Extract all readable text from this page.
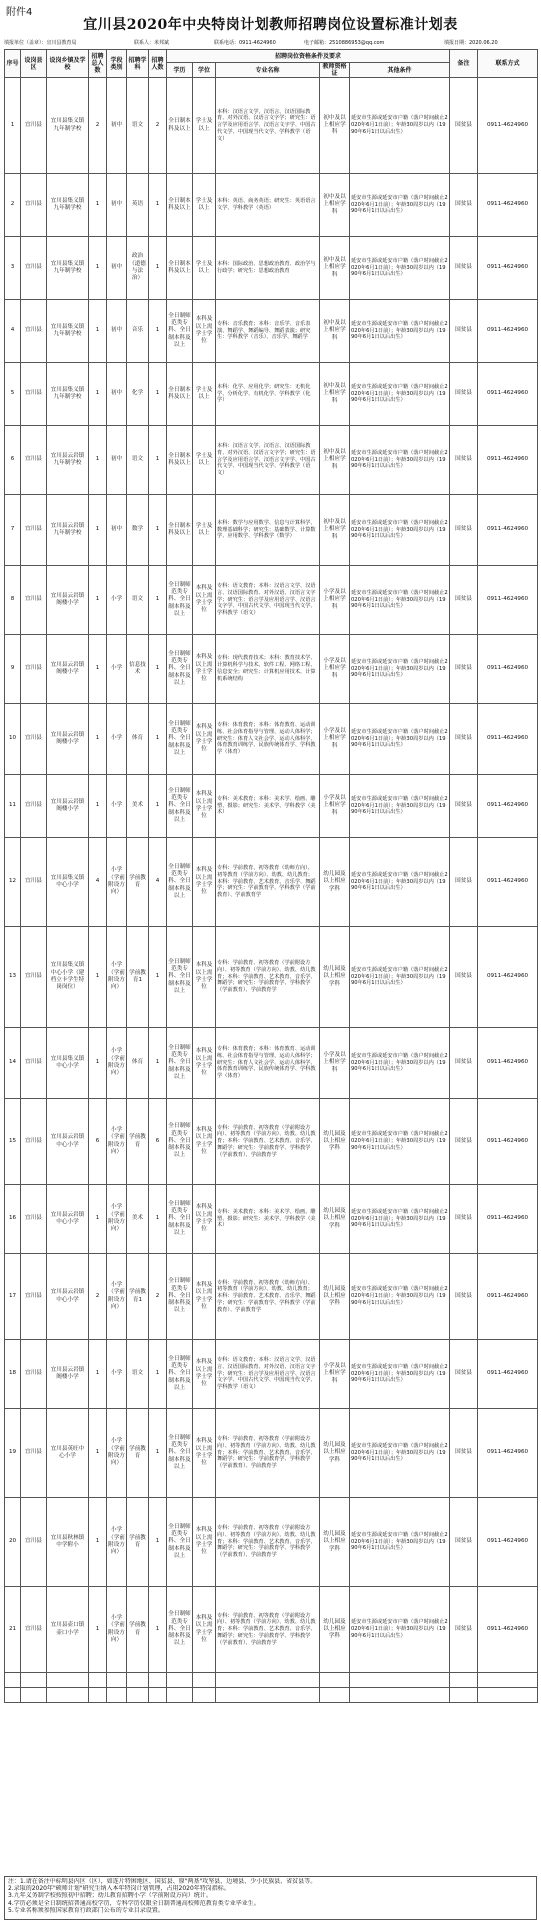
附件4
宜川县2020年中央特岗计划教师招聘岗位设置标准计划表
填报单位（盖章）：宜川县教育局	联系人：米邦斌	联系电话：0911-4624960	电子邮箱：2510886953@qq.com	填报日期：2020.06.20
序号	设岗县区	设岗乡镇及学校	招聘总人数	学段类别	招聘学科	招聘人数	招聘岗位资格条件及要求					备注	联系方式
							学历	学位	专业名称	教师资格证	其他条件		
1	宜川县	宜川县集义镇九年制学校	2	初中	语文	2	全日制本科及以上	学士及以上	本科：汉语言文学、汉语言、汉语国际教育、对外汉语、汉语言文字学；研究生：语言学及应用语言学、汉语言文字学、中国古代文学、中国现当代文学、学科教学（语文）	初中及以上相应学科	延安市生源或延安市户籍（落户时间截止2020年6月1日前）；年龄30周岁以内（1990年6月1日以后出生）	国贫县	0911-4624960
2	宜川县	宜川县集义镇九年制学校	1	初中	英语	1	全日制本科及以上	学士及以上	本科：英语、商务英语；研究生：英语语言文学、学科教学（英语）	初中及以上相应学科	延安市生源或延安市户籍（落户时间截止2020年6月1日前）；年龄30周岁以内（1990年6月1日以后出生）	国贫县	0911-4624960
3	宜川县	宜川县集义镇九年制学校	1	初中	政治（道德与法治）	1	全日制本科及以上	学士及以上	本科：国际政治、思想政治教育、政治学与行政学；研究生：思想政治教育	初中及以上相应学科	延安市生源或延安市户籍（落户时间截止2020年6月1日前）；年龄30周岁以内（1990年6月1日以后出生）	国贫县	0911-4624960
4	宜川县	宜川县集义镇九年制学校	1	初中	音乐	1	全日制师范类专科、全日制本科及以上	本科及以上需学士学位	专科：音乐教育；本科：音乐学、音乐表演、舞蹈学、舞蹈编导、舞蹈表演；研究生：学科教学（音乐）、音乐学、舞蹈学	初中及以上相应学科	延安市生源或延安市户籍（落户时间截止2020年6月1日前）；年龄30周岁以内（1990年6月1日以后出生）	国贫县	0911-4624960
5	宜川县	宜川县集义镇九年制学校	1	初中	化学	1	全日制本科及以上	学士及以上	本科：化学、应用化学；研究生：无机化学、分析化学、有机化学、学科教学（化学）	初中及以上相应学科	延安市生源或延安市户籍（落户时间截止2020年6月1日前）；年龄30周岁以内（1990年6月1日以后出生）	国贫县	0911-4624960
6	宜川县	宜川县云岩镇九年制学校	1	初中	语文	1	全日制本科及以上	学士及以上	本科：汉语言文学、汉语言、汉语国际教育、对外汉语、汉语言文字学；研究生：语言学及应用语言学、汉语言文字学、中国古代文学、中国现当代文学、学科教学（语文）	初中及以上相应学科	延安市生源或延安市户籍（落户时间截止2020年6月1日前）；年龄30周岁以内（1990年6月1日以后出生）	国贫县	0911-4624960
7	宜川县	宜川县云岩镇九年制学校	1	初中	数学	1	全日制本科及以上	学士及以上	本科：数学与应用数学、信息与计算科学、数理基础科学；研究生：基础数学、计算数学、应用数学、学科教学（数学）	初中及以上相应学科	延安市生源或延安市户籍（落户时间截止2020年6月1日前）；年龄30周岁以内（1990年6月1日以后出生）	国贫县	0911-4624960
8	宜川县	宜川县云岩镇阁楼小学	1	小学	语文	1	全日制师范类专科、全日制本科及以上	本科及以上需学士学位	专科：语文教育；本科：汉语言文学、汉语言、汉语国际教育、对外汉语、汉语言文字学；研究生：语言学及应用语言学、汉语言文字学、中国古代文学、中国现当代文学、学科教学（语文）	小学及以上相应学科	延安市生源或延安市户籍（落户时间截止2020年6月1日前）；年龄30周岁以内（1990年6月1日以后出生）	国贫县	0911-4624960
9	宜川县	宜川县云岩镇阁楼小学	1	小学	信息技术	1	全日制师范类专科、全日制本科及以上	本科及以上需学士学位	专科：现代教育技术；本科：教育技术学、计算机科学与技术、软件工程、网络工程、信息安全；研究生：计算机应用技术、计算机系统结构	小学及以上相应学科	延安市生源或延安市户籍（落户时间截止2020年6月1日前）；年龄30周岁以内（1990年6月1日以后出生）	国贫县	0911-4624960
10	宜川县	宜川县云岩镇阁楼小学	1	小学	体育	1	全日制师范类专科、全日制本科及以上	本科及以上需学士学位	专科：体育教育；本科：体育教育、运动训练、社会体育指导与管理、运动人体科学；研究生：体育人文社会学、运动人体科学、体育教育训练学、民族传统体育学、学科教学（体育）	小学及以上相应学科	延安市生源或延安市户籍（落户时间截止2020年6月1日前）；年龄30周岁以内（1990年6月1日以后出生）	国贫县	0911-4624960
11	宜川县	宜川县云岩镇阁楼小学	1	小学	美术	1	全日制师范类专科、全日制本科及以上	本科及以上需学士学位	专科：美术教育；本科：美术学、绘画、雕塑、摄影；研究生：美术学、学科教学（美术）	小学及以上相应学科	延安市生源或延安市户籍（落户时间截止2020年6月1日前）；年龄30周岁以内（1990年6月1日以后出生）	国贫县	0911-4624960
12	宜川县	宜川县集义镇中心小学	4	小学（学前附设方向）	学前教育	4	全日制师范类专科、全日制本科及以上	本科及以上需学士学位	专科：学前教育、初等教育（幼师方向）、初等教育（学前方向）、幼教、幼儿教育；本科：学前教育、艺术教育、音乐学、舞蹈学；研究生：学前教育学、学科教学（学前教育）、学前教育学	幼儿园及以上相应学科	延安市生源或延安市户籍（落户时间截止2020年6月1日前）；年龄30周岁以内（1990年6月1日以后出生）	国贫县	0911-4624960
13	宜川县	宜川县集义镇中心小学（建档立卡学生特岗岗位）	1	小学（学前附设方向）	学前教育1	1	全日制师范类专科、全日制本科及以上	本科及以上需学士学位	专科：学前教育、初等教育（学前附设方向）、初等教育（学前方向）、幼教、幼儿教育；本科：学前教育、艺术教育、音乐学、舞蹈学；研究生：学前教育学、学科教学（学前教育）、学前教育学	幼儿园及以上相应学科	延安市生源或延安市户籍（落户时间截止2020年6月1日前）；年龄30周岁以内（1990年6月1日以后出生）	国贫县	0911-4624960
14	宜川县	宜川县集义镇中心小学	1	小学（学前附设方向）	体育	1	全日制师范类专科、全日制本科及以上	本科及以上需学士学位	专科：体育教育；本科：体育教育、运动训练、社会体育指导与管理、运动人体科学；研究生：体育人文社会学、运动人体科学、体育教育训练学、民族传统体育学、学科教学（体育）	小学及以上相应学科	延安市生源或延安市户籍（落户时间截止2020年6月1日前）；年龄30周岁以内（1990年6月1日以后出生）	国贫县	0911-4624960
15	宜川县	宜川县云岩镇中心小学	6	小学（学前附设方向）	学前教育	6	全日制师范类专科、全日制本科及以上	本科及以上需学士学位	专科：学前教育、初等教育（学前附设方向）、初等教育（学前方向）、幼教、幼儿教育；本科：学前教育、艺术教育、音乐学、舞蹈学；研究生：学前教育学、学科教学（学前教育）、学前教育学	幼儿园及以上相应学科	延安市生源或延安市户籍（落户时间截止2020年6月1日前）；年龄30周岁以内（1990年6月1日以后出生）	国贫县	0911-4624960
16	宜川县	宜川县云岩镇中心小学	1	小学（学前附设方向）	美术	1	全日制师范类专科、全日制本科及以上	本科及以上需学士学位	专科：美术教育；本科：美术学、绘画、雕塑、摄影；研究生：美术学、学科教学（美术）	幼儿园及以上相应学科	延安市生源或延安市户籍（落户时间截止2020年6月1日前）；年龄30周岁以内（1990年6月1日以后出生）	国贫县	0911-4624960
17	宜川县	宜川县云岩镇中心小学	2	小学（学前附设方向）	学前教育1	2	全日制师范类专科、全日制本科及以上	本科及以上需学士学位	专科：学前教育、初等教育（幼师方向）、初等教育（学前方向）、幼教、幼儿教育；本科：学前教育、艺术教育、音乐学、舞蹈学；研究生：学前教育学、学科教学（学前教育）、学前教育学	幼儿园及以上相应学科	延安市生源或延安市户籍（落户时间截止2020年6月1日前）；年龄30周岁以内（1990年6月1日以后出生）	国贫县	0911-4624960
18	宜川县	宜川县云岩镇阁楼小学	1	小学	语文	1	全日制师范类专科、全日制本科及以上	本科及以上需学士学位	专科：语文教育；本科：汉语言文学、汉语言、汉语国际教育、对外汉语、汉语言文字学；研究生：语言学及应用语言学、汉语言文字学、中国古代文学、中国现当代文学、学科教学（语文）	小学及以上相应学科	延安市生源或延安市户籍（落户时间截止2020年6月1日前）；年龄30周岁以内（1990年6月1日以后出生）	国贫县	0911-4624960
19	宜川县	宜川县英旺中心小学	1	小学（学前附设方向）	学前教育	1	全日制师范类专科、全日制本科及以上	本科及以上需学士学位	专科：学前教育、初等教育（学前附设方向）、初等教育（学前方向）、幼教、幼儿教育；本科：学前教育、艺术教育、音乐学、舞蹈学；研究生：学前教育学、学科教学（学前教育）、学前教育学	幼儿园及以上相应学科	延安市生源或延安市户籍（落户时间截止2020年6月1日前）；年龄30周岁以内（1990年6月1日以后出生）	国贫县	0911-4624960
20	宜川县	宜川县秋林镇中学附小	1	小学（学前附设方向）	学前教育	1	全日制师范类专科、全日制本科及以上	本科及以上需学士学位	专科：学前教育、初等教育（学前附设方向）、初等教育（学前方向）、幼教、幼儿教育；本科：学前教育、艺术教育、音乐学、舞蹈学；研究生：学前教育学、学科教学（学前教育）、学前教育学	幼儿园及以上相应学科	延安市生源或延安市户籍（落户时间截止2020年6月1日前）；年龄30周岁以内（1990年6月1日以后出生）	国贫县	0911-4624960
21	宜川县	宜川县壶口镇壶口小学	1	小学（学前附设方向）	学前教育	1	全日制师范类专科、全日制本科及以上	本科及以上需学士学位	专科：学前教育、初等教育（学前附设方向）、初等教育（学前方向）、幼教、幼儿教育；本科：学前教育、艺术教育、音乐学、舞蹈学；研究生：学前教育学、学科教学（学前教育）、学前教育学	幼儿园及以上相应学科	延安市生源或延安市户籍（落户时间截止2020年6月1日前）；年龄30周岁以内（1990年6月1日以后出生）	国贫县	0911-4624960

注：1.请在备注中标明县内区（区），如连片特困地区、国贫县、原"两基"攻坚县、边境县、少小民族县、省贫县等。
2.录取的2020年"硕师计划"研究生纳入本年特岗计划管理，占用2020年特岗指标。
3.九年义务制学校按照初中招聘；幼儿教育招聘小学（学前附设方向）统计。
4.学历必须是全日制统招普通高校学历，专科学历仅限全日制普通高校师范教育类专业毕业生。
5.专业名称须参照国家教育行政部门公布的专业目录设置。
